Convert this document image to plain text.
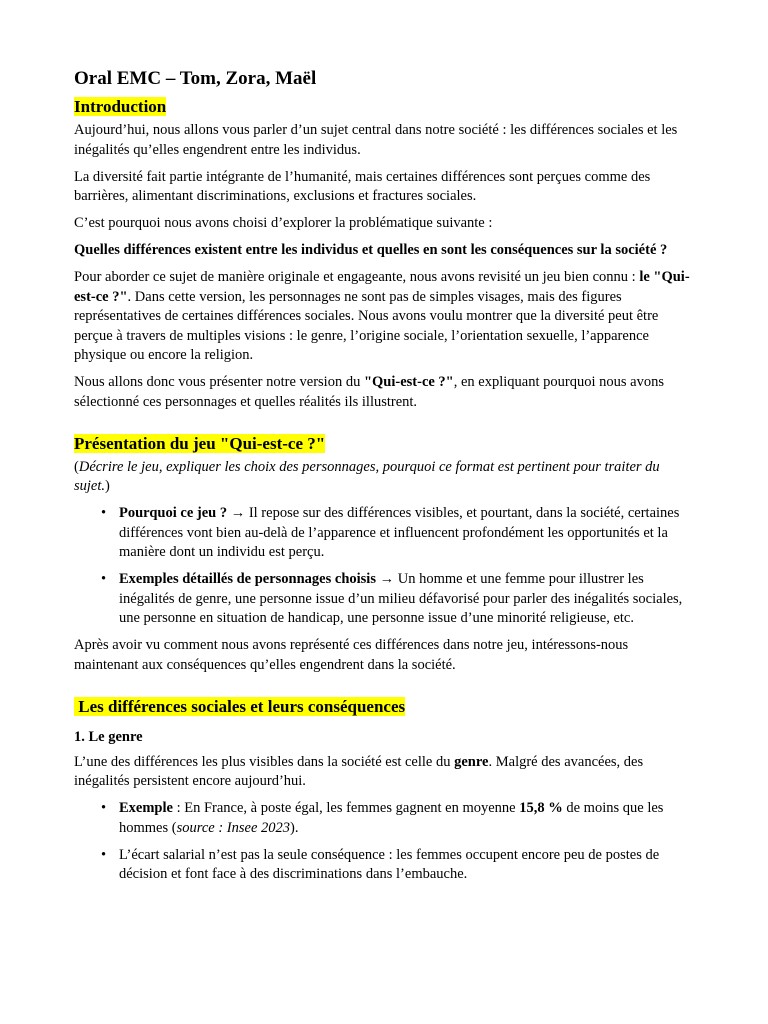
Oral EMC – Tom, Zora, Maël
Introduction

Aujourd’hui, nous allons vous parler d’un sujet central dans notre société : les différences sociales et les inégalités qu’elles engendrent entre les individus.

La diversité fait partie intégrante de l’humanité, mais certaines différences sont perçues comme des barrières, alimentant discriminations, exclusions et fractures sociales.

C’est pourquoi nous avons choisi d’explorer la problématique suivante :

Quelles différences existent entre les individus et quelles en sont les conséquences sur la société ?

Pour aborder ce sujet de manière originale et engageante, nous avons revisité un jeu bien connu : le "Qui-est-ce ?". Dans cette version, les personnages ne sont pas de simples visages, mais des figures représentatives de certaines différences sociales. Nous avons voulu montrer que la diversité peut être perçue à travers de multiples visions : le genre, l’origine sociale, l’orientation sexuelle, l’apparence physique ou encore la religion.

Nous allons donc vous présenter notre version du "Qui-est-ce ?", en expliquant pourquoi nous avons sélectionné ces personnages et quelles réalités ils illustrent.

Présentation du jeu "Qui-est-ce ?"

(Décrire le jeu, expliquer les choix des personnages, pourquoi ce format est pertinent pour traiter du sujet.)

• Pourquoi ce jeu ? → Il repose sur des différences visibles, et pourtant, dans la société, certaines différences vont bien au-delà de l’apparence et influencent profondément les opportunités et la manière dont un individu est perçu.
• Exemples détaillés de personnages choisis → Un homme et une femme pour illustrer les inégalités de genre, une personne issue d’un milieu défavorisé pour parler des inégalités sociales, une personne en situation de handicap, une personne issue d’une minorité religieuse, etc.

Après avoir vu comment nous avons représenté ces différences dans notre jeu, intéressons-nous maintenant aux conséquences qu’elles engendrent dans la société.

Les différences sociales et leurs conséquences
1. Le genre

L’une des différences les plus visibles dans la société est celle du genre. Malgré des avancées, des inégalités persistent encore aujourd’hui.

• Exemple : En France, à poste égal, les femmes gagnent en moyenne 15,8 % de moins que les hommes (source : Insee 2023).
• L’écart salarial n’est pas la seule conséquence : les femmes occupent encore peu de postes de décision et font face à des discriminations dans l’embauche.
